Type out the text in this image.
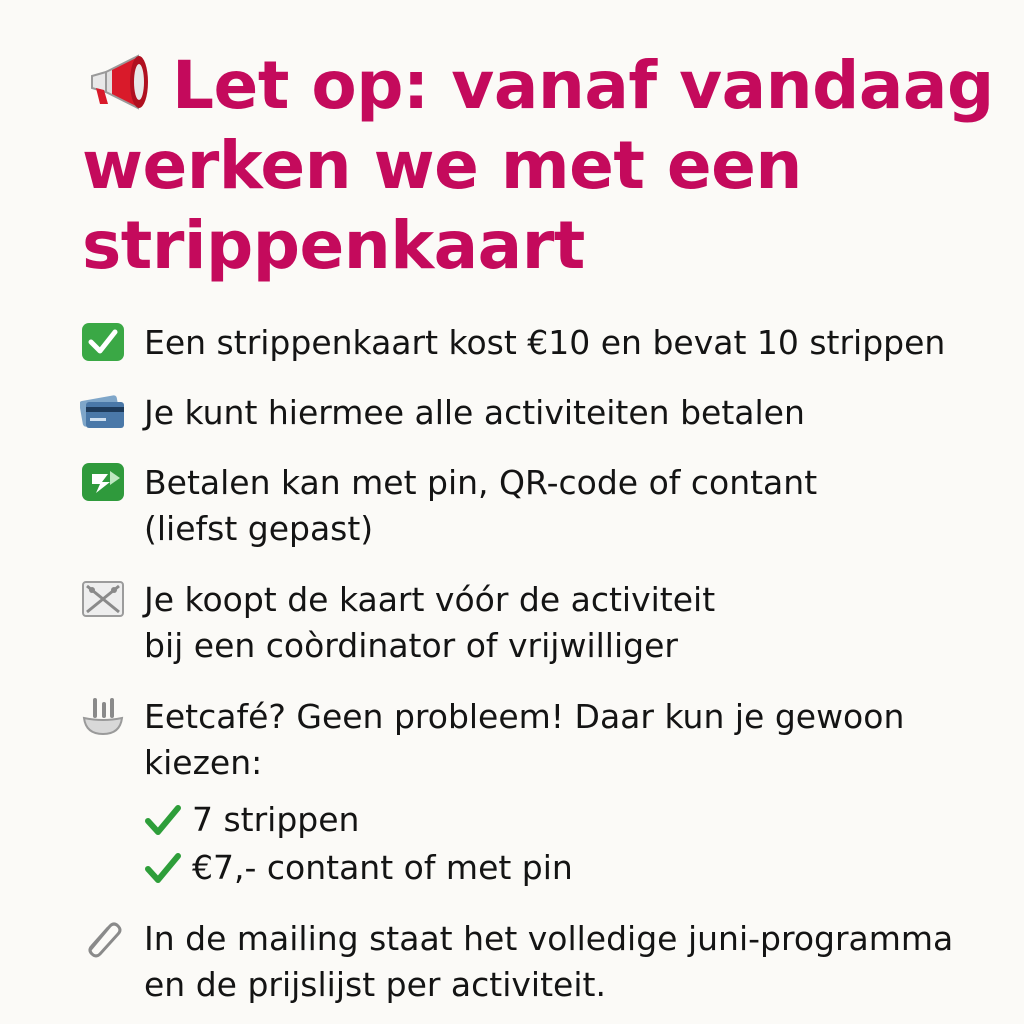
Let op: vanaf vandaag
werken we met een
strippenkaart
Een strippenkaart kost €10 en bevat 10 strippen
Je kunt hiermee alle activiteiten betalen
Betalen kan met pin, QR-code of contant
(liefst gepast)
Je koopt de kaart vóór de activiteit
bij een coòrdinator of vrijwilliger
Eetcafé? Geen probleem! Daar kun je gewoon
kiezen:
7 strippen
€7,- contant of met pin
In de mailing staat het volledige juni-programma
en de prijslijst per activiteit.
